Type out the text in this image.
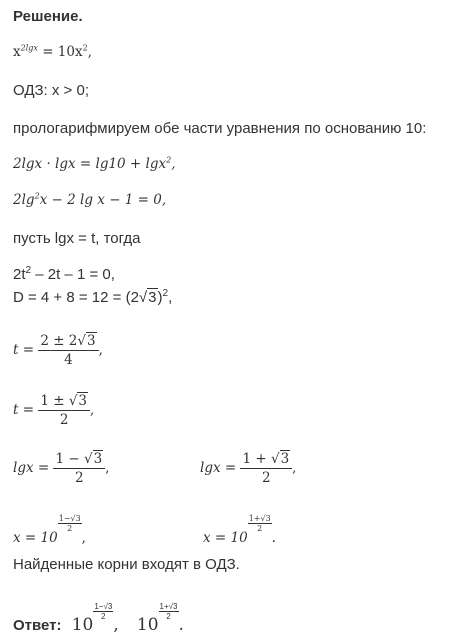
Решение.
$x^{2lgx} = 10x^2$,
ОДЗ: x > 0;
прологарифмируем обе части уравнения по основанию 10:
2lgx · lgx = lg10 + lgx$^2$,
$2\lg^2x - 2$ lg x − 1 = 0,
пусть lgx = t, тогда
$2t^2 - 2t - 1 = 0$,
$D = 4 + 8 = 12 = (2√3)^2$,
$t = \frac{2 \pm 2√3}{4}$ ,
$t = \frac{1 \pm √3}{2}$ ,
$\lg x = \frac{1 - √3}{2}$ ,	$\lg x = \frac{1 + √3}{2}$ ,
x = 10
$\frac{1-√3}{2}$
,	x = 10
$\frac{1+√3}{2}$
.
Найденные корни входят в ОДЗ.
Ответ: 10
$\frac{1-√3}{2}$
, 10
$\frac{1+√3}{2}$
.
